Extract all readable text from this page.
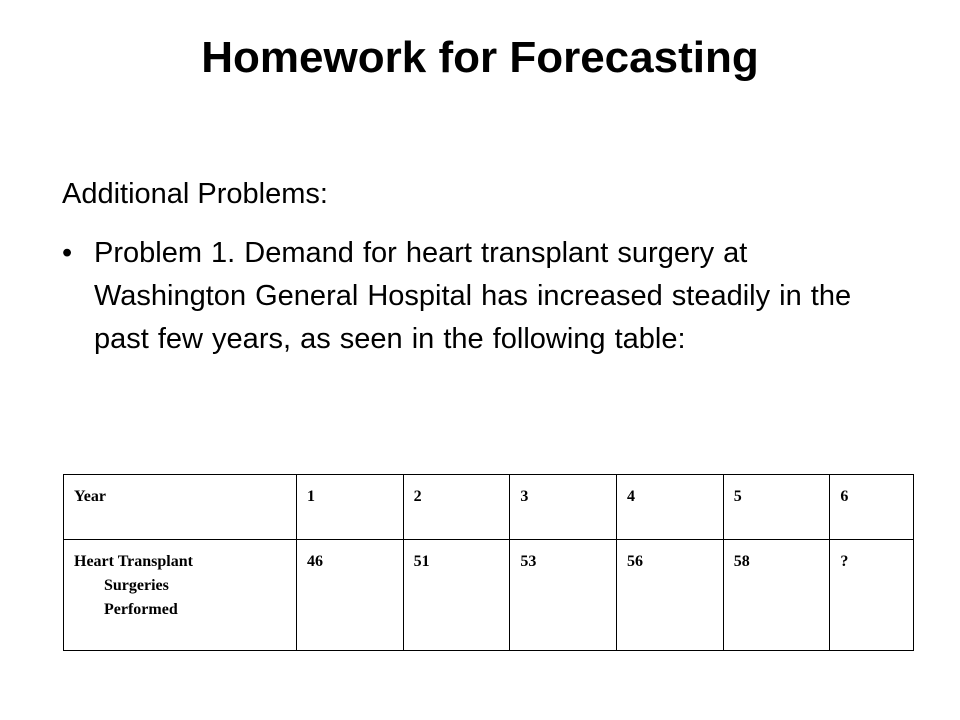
Homework for Forecasting

Additional Problems:

• Problem 1. Demand for heart transplant surgery at Washington General Hospital has increased steadily in the past few years, as seen in the following table:
Year	1	2	3	4	5	6
Heart Transplant
Surgeries
Performed	46	51	53	56	58	?
